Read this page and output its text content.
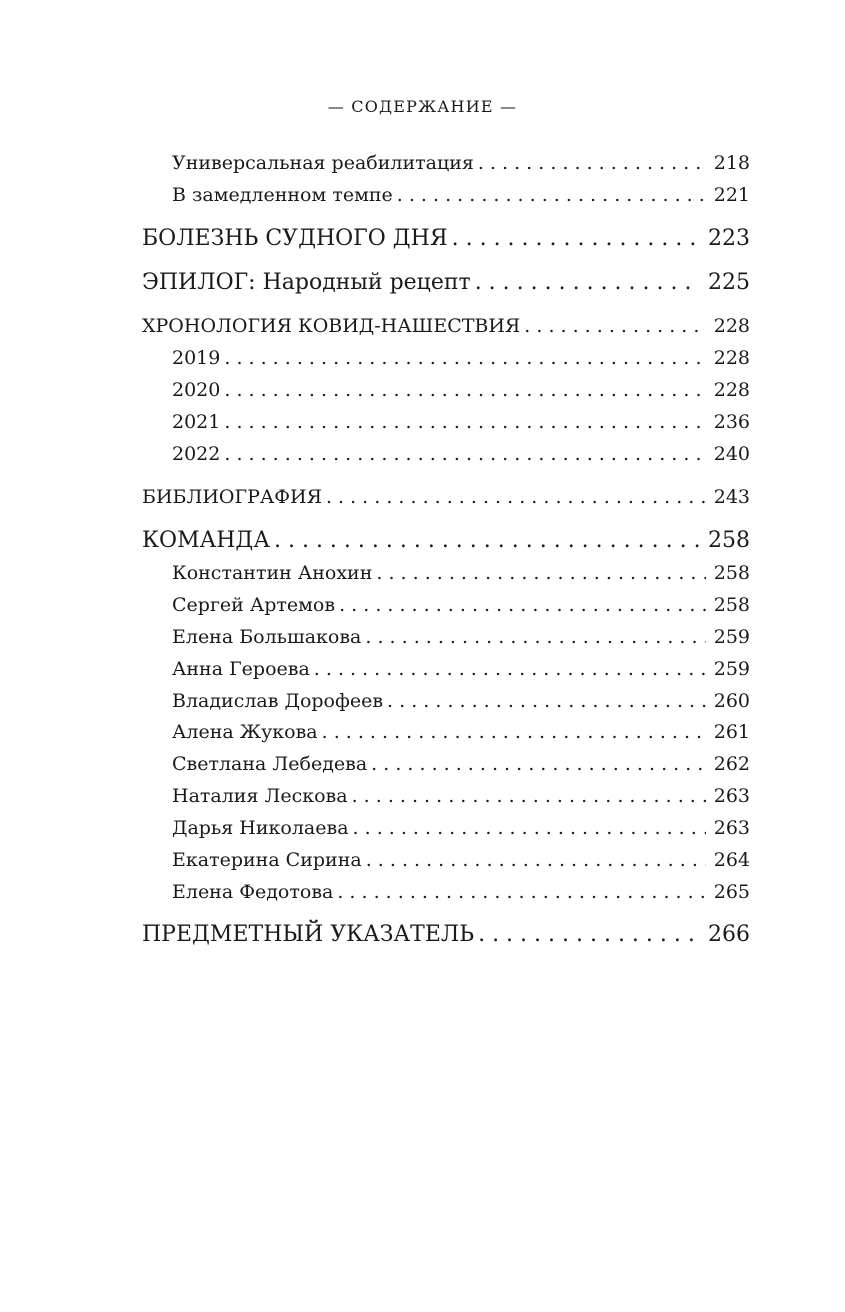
— СОДЕРЖАНИЕ —
Универсальная реабилитация . . .	218
В замедленном темпе . . .	221
БОЛЕЗНЬ СУДНОГО ДНЯ . . .	223
ЭПИЛОГ: Народный рецепт . . .	225
ХРОНОЛОГИЯ КОВИД-НАШЕСТВИЯ . . .	228
2019 . . .	228
2020 . . .	228
2021 . . .	236
2022 . . .	240
БИБЛИОГРАФИЯ . . .	243
КОМАНДА . . .	258
Константин Анохин . . .	258
Сергей Артемов . . .	258
Елена Большакова . . .	259
Анна Героева . . .	259
Владислав Дорофеев . . .	260
Алена Жукова . . .	261
Светлана Лебедева . . .	262
Наталия Лескова . . .	263
Дарья Николаева . . .	263
Екатерина Сирина . . .	264
Елена Федотова . . .	265
ПРЕДМЕТНЫЙ УКАЗАТЕЛЬ . . .	266
